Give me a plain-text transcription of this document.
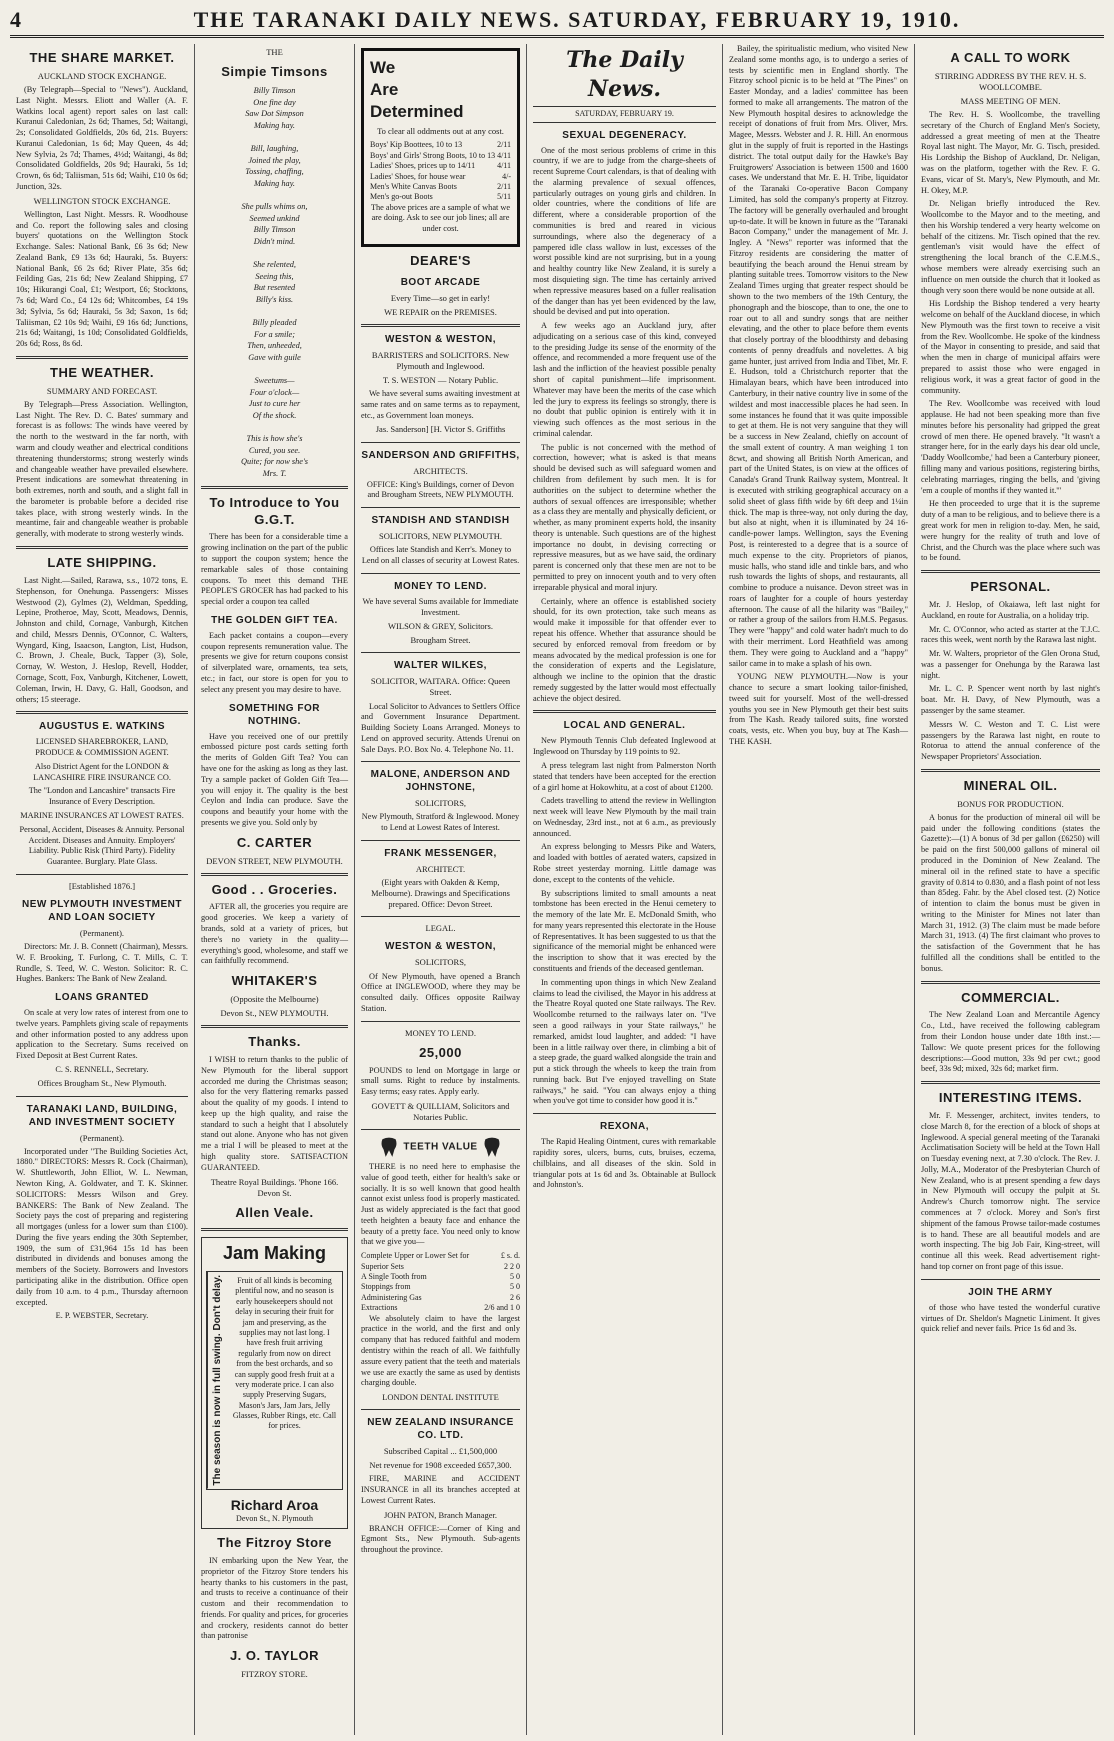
4	THE TARANAKI DAILY NEWS. SATURDAY, FEBRUARY 19, 1910.
THE SHARE MARKET.
AUCKLAND STOCK EXCHANGE.

(By Telegraph—Special to "News"). Auckland, Last Night. Messrs. Eliott and Waller (A. F. Watkins local agent) report sales on last call: Kuranui Caledonian, 2s 6d; Thames, 5d; Waitangi, 2s; Consolidated Goldfields, 20s 6d, 21s. Buyers: Kuranui Caledonian, 1s 6d; May Queen, 4s 4d; New Sylvia, 2s 7d; Thames, 4½d; Waitangi, 4s 8d; Consolidated Goldfields, 20s 9d; Hauraki, 5s 1d; Crown, 6s 6d; Taliisman, 51s 6d; Waihi, £10 0s 6d; Junction, 32s.

WELLINGTON STOCK EXCHANGE.

Wellington, Last Night. Messrs. R. Woodhouse and Co. report the following sales and closing buyers' quotations on the Wellington Stock Exchange. Sales: National Bank, £6 3s 6d; New Zealand Bank, £9 13s 6d; Hauraki, 5s. Buyers: National Bank, £6 2s 6d; River Plate, 35s 6d; Feilding Gas, 21s 6d; New Zealand Shipping, £7 10s; Hikurangi Coal, £1; Westport, £6; Stocktons, 7s 6d; Ward Co., £4 12s 6d; Whitcombes, £4 19s 3d; Sylvia, 5s 6d; Hauraki, 5s 3d; Saxon, 1s 6d; Taliisman, £2 10s 9d; Waihi, £9 16s 6d; Junctions, 21s 6d; Waitangi, 1s 10d; Consolidated Goldfields, 20s 6d; Ross, 8s 6d.

THE WEATHER.
SUMMARY AND FORECAST.

By Telegraph—Press Association. Wellington, Last Night. The Rev. D. C. Bates' summary and forecast is as follows: The winds have veered by the north to the westward in the far north, with warm and cloudy weather and electrical conditions threatening thunderstorms; strong westerly winds and changeable weather have prevailed elsewhere. Present indications are somewhat threatening in both extremes, north and south, and a slight fall in the barometer is probable before a decided rise takes place, with strong westerly winds. In the meantime, fair and changeable weather is probable generally, with moderate to strong westerly winds.

LATE SHIPPING.

Last Night.—Sailed, Rarawa, s.s., 1072 tons, E. Stephenson, for Onehunga. Passengers: Misses Westwood (2), Gylmes (2), Weldman, Spedding, Lepine, Protheroe, May, Scott, Meadows, Dennis, Johnston and child, Cornage, Vanburgh, Kitchen and child, Messrs Dennis, O'Connor, C. Walters, Wyngard, King, Isaacson, Langton, List, Hudson, C. Brown, J. Cheale, Buck, Tapper (3), Sole, Cornay, W. Weston, J. Heslop, Revell, Hodder, Cornage, Scott, Fox, Vanburgh, Kitchener, Lowett, Coleman, Irwin, H. Davy, G. Hall, Goodson, and others; 15 steerage.

AUGUSTUS E. WATKINS

LICENSED SHAREBROKER, LAND, PRODUCE & COMMISSION AGENT.

Also District Agent for the LONDON & LANCASHIRE FIRE INSURANCE CO.

The "London and Lancashire" transacts Fire Insurance of Every Description.

MARINE INSURANCES AT LOWEST RATES.

Personal, Accident, Diseases & Annuity. Personal Accident. Diseases and Annuity. Employers' Liability. Public Risk (Third Party). Fidelity Guarantee. Burglary. Plate Glass.

[Established 1876.]
NEW PLYMOUTH INVESTMENT AND LOAN SOCIETY
(Permanent).

Directors: Mr. J. B. Connett (Chairman), Messrs. W. F. Brooking, T. Furlong, C. T. Mills, C. T. Rundle, S. Teed, W. C. Weston. Solicitor: R. C. Hughes. Bankers: The Bank of New Zealand.

LOANS GRANTED

On scale at very low rates of interest from one to twelve years. Pamphlets giving scale of repayments and other information posted to any address upon application to the Secretary. Sums received on Fixed Deposit at Best Current Rates.

C. S. RENNELL, Secretary.

Offices Brougham St., New Plymouth.

TARANAKI LAND, BUILDING, AND INVESTMENT SOCIETY
(Permanent).

Incorporated under "The Building Societies Act, 1880." DIRECTORS: Messrs R. Cock (Chairman), W. Shuttleworth, John Elliot, W. L. Newman, Newton King, A. Goldwater, and T. K. Skinner. SOLICITORS: Messrs Wilson and Grey. BANKERS: The Bank of New Zealand. The Society pays the cost of preparing and registering all mortgages (unless for a lower sum than £100). During the five years ending the 30th September, 1909, the sum of £31,964 15s 1d has been distributed in dividends and bonuses among the members of the Society. Borrowers and Investors participating alike in the distribution. Office open daily from 10 a.m. to 4 p.m., Thursday afternoon excepted.

E. P. WEBSTER, Secretary.

THE
Simpie Timsons
Billy Timson
One fine day
Saw Dot Simpson
Making hay.

Bill, laughing,
Joined the play,
Tossing, chaffing,
Making hay.

She pulls whims on,
Seemed unkind
Billy Timson
Didn't mind.

She relented,
Seeing this,
But resented
Billy's kiss.

Billy pleaded
For a smile;
Then, unheeded,
Gave with guile

Sweetums—
Four o'clock—
Just to cure her
Of the shock.

This is how she's
Cured, you see.
Quite; for now she's
Mrs. T.
To Introduce to You G.G.T.

There has been for a considerable time a growing inclination on the part of the public to support the coupon system; hence the remarkable sales of those containing coupons. To meet this demand THE PEOPLE'S GROCER has had packed to his special order a coupon tea called

THE GOLDEN GIFT TEA.

Each packet contains a coupon—every coupon represents remuneration value. The presents we give for return coupons consist of silverplated ware, ornaments, tea sets, etc.; in fact, our store is open for you to select any present you may desire to have.

SOMETHING FOR NOTHING.

Have you received one of our prettily embossed picture post cards setting forth the merits of Golden Gift Tea? You can have one for the asking as long as they last. Try a sample packet of Golden Gift Tea—you will enjoy it. The quality is the best Ceylon and India can produce. Save the coupons and beautify your home with the presents we give you. Sold only by

C. CARTER
DEVON STREET, NEW PLYMOUTH.
Good . . Groceries.

AFTER all, the groceries you require are good groceries. We keep a variety of brands, sold at a variety of prices, but there's no variety in the quality—everything's good, wholesome, and staff we can faithfully recommend.

WHITAKER'S
(Opposite the Melbourne)
Devon St., NEW PLYMOUTH.
Thanks.

I WISH to return thanks to the public of New Plymouth for the liberal support accorded me during the Christmas season; also for the very flattering remarks passed about the quality of my goods. I intend to keep up the high quality, and raise the standard to such a height that I absolutely stand out alone. Anyone who has not given me a trial I will be pleased to meet at the high quality store. SATISFACTION GUARANTEED.

Theatre Royal Buildings. 'Phone 166. Devon St.
Allen Veale.
Jam Making
The season is now in full swing. Don't delay.	Fruit of all kinds is becoming plentiful now, and no season is early housekeepers should not delay in securing their fruit for jam and preserving, as the supplies may not last long. I have fresh fruit arriving regularly from now on direct from the best orchards, and so can supply good fresh fruit at a very moderate price. I can also supply Preserving Sugars, Mason's Jars, Jam Jars, Jelly Glasses, Rubber Rings, etc. Call for prices.
Richard Aroa
Devon St., N. Plymouth
The Fitzroy Store

IN embarking upon the New Year, the proprietor of the Fitzroy Store tenders his hearty thanks to his customers in the past, and trusts to receive a continuance of their custom and their recommendation to friends. For quality and prices, for groceries and crockery, residents cannot do better than patronise

J. O. TAYLOR
FITZROY STORE.
We
Are
Determined
To clear all oddments out at any cost.
Boys' Kip Boottees, 10 to 13	2/11
Boys' and Girls' Strong Boots, 10 to 13 4/11
Ladies' Shoes, prices up to 14/11	4/11
Ladies' Shoes, for house wear	4/-
Men's White Canvas Boots	2/11
Men's go-out Boots	5/11

The above prices are a sample of what we are doing. Ask to see our job lines; all are under cost.

DEARE'S
BOOT ARCADE
Every Time—so get in early!
WE REPAIR on the PREMISES.
WESTON & WESTON,
BARRISTERS and SOLICITORS. New Plymouth and Inglewood.
T. S. WESTON — Notary Public.

We have several sums awaiting investment at same rates and on same terms as to repayment, etc., as Government loan moneys.

Jas. Sanderson] [H. Victor S. Griffiths
SANDERSON AND GRIFFITHS,
ARCHITECTS.

OFFICE: King's Buildings, corner of Devon and Brougham Streets, NEW PLYMOUTH.

STANDISH AND STANDISH
SOLICITORS, NEW PLYMOUTH.

Offices late Standish and Kerr's. Money to Lend on all classes of security at Lowest Rates.

MONEY TO LEND.

We have several Sums available for Immediate Investment.

WILSON & GREY, Solicitors.
Brougham Street.
WALTER WILKES,
SOLICITOR, WAITARA. Office: Queen Street.

Local Solicitor to Advances to Settlers Office and Government Insurance Department. Building Society Loans Arranged. Moneys to Lend on approved security. Attends Urenui on Sale Days. P.O. Box No. 4. Telephone No. 11.

MALONE, ANDERSON AND JOHNSTONE,
SOLICITORS,

New Plymouth, Stratford & Inglewood. Money to Lend at Lowest Rates of Interest.

FRANK MESSENGER,
ARCHITECT.

(Eight years with Oakden & Kemp, Melbourne). Drawings and Specifications prepared. Office: Devon Street.

LEGAL.
WESTON & WESTON,
SOLICITORS,

Of New Plymouth, have opened a Branch Office at INGLEWOOD, where they may be consulted daily. Offices opposite Railway Station.

MONEY TO LEND.
25,000

POUNDS to lend on Mortgage in large or small sums. Right to reduce by instalments. Easy terms; easy rates. Apply early.

GOVETT & QUILLIAM, Solicitors and Notaries Public.
TEETH VALUE

THERE is no need here to emphasise the value of good teeth, either for health's sake or socially. It is so well known that good health cannot exist unless food is properly masticated. Just as widely appreciated is the fact that good teeth heighten a beauty face and enhance the beauty of a pretty face. You need only to know that we give you—

Complete Upper or Lower Set for	£ s. d.
Superior Sets	2 2 0
A Single Tooth from	5 0
Stoppings from	5 0
Administering Gas	2 6
Extractions	2/6 and 1 0

We absolutely claim to have the largest practice in the world, and the first and only company that has reduced faithful and modern dentistry within the reach of all. We faithfully assure every patient that the teeth and materials we use are exactly the same as used by dentists charging double.

LONDON DENTAL INSTITUTE
NEW ZEALAND INSURANCE CO. LTD.
Subscribed Capital ... £1,500,000
Net revenue for 1908 exceeded £657,300.

FIRE, MARINE and ACCIDENT INSURANCE in all its branches accepted at Lowest Current Rates.

JOHN PATON, Branch Manager.

BRANCH OFFICE:—Corner of King and Egmont Sts., New Plymouth. Sub-agents throughout the province.

The Daily News.
SATURDAY, FEBRUARY 19.
SEXUAL DEGENERACY.

One of the most serious problems of crime in this country, if we are to judge from the charge-sheets of recent Supreme Court calendars, is that of dealing with the alarming prevalence of sexual offences, particularly outrages on young girls and children. In older countries, where the conditions of life are different, where a considerable proportion of the communities is bred and reared in vicious surroundings, where also the degeneracy of a pampered idle class wallow in lust, excesses of the worst possible kind are not surprising, but in a young and healthy country like New Zealand, it is surely a most disquieting sign. The time has certainly arrived when repressive measures based on a fuller realisation of the danger than has yet been evidenced by the law, should be devised and put into operation.

A few weeks ago an Auckland jury, after adjudicating on a serious case of this kind, conveyed to the presiding Judge its sense of the enormity of the offence, and recommended a more frequent use of the lash and the infliction of the heaviest possible penalty short of capital punishment—life imprisonment. Whatever may have been the merits of the case which led the jury to express its feelings so strongly, there is no doubt that public opinion is entirely with it in viewing such offences as the most serious in the criminal calendar.

The public is not concerned with the method of correction, however; what is asked is that means should be devised such as will safeguard women and children from defilement by such men. It is for authorities on the subject to determine whether the authors of sexual offences are irresponsible; whether as a class they are mentally and physically deficient, or whether, as many prominent experts hold, the insanity theory is untenable. Such questions are of the highest importance no doubt, in devising correcting or repressive measures, but as we have said, the ordinary parent is concerned only that these men are not to be permitted to prey on innocent youth and to very often irreparable physical and moral injury.

Certainly, where an offence is established society should, for its own protection, take such means as would make it impossible for that offender ever to repeat his offence. Whether that assurance should be secured by enforced removal from freedom or by means advocated by the medical profession is one for the consideration of experts and the Legislature, although we incline to the opinion that the drastic remedy suggested by the latter would most effectually achieve the object desired.

LOCAL AND GENERAL.

New Plymouth Tennis Club defeated Inglewood at Inglewood on Thursday by 119 points to 92.

A press telegram last night from Palmerston North stated that tenders have been accepted for the erection of a girl home at Hokowhitu, at a cost of about £1200.

Cadets travelling to attend the review in Wellington next week will leave New Plymouth by the mail train on Wednesday, 23rd inst., not at 6 a.m., as previously announced.

An express belonging to Messrs Pike and Waters, and loaded with bottles of aerated waters, capsized in Robe street yesterday morning. Little damage was done, except to the contents of the vehicle.

By subscriptions limited to small amounts a neat tombstone has been erected in the Henui cemetery to the memory of the late Mr. E. McDonald Smith, who for many years represented this electorate in the House of Representatives. It has been suggested to us that the significance of the memorial might be enhanced were the inscription to show that it was erected by the constituents and friends of the deceased gentleman.

In commenting upon things in which New Zealand claims to lead the civilised, the Mayor in his address at the Theatre Royal quoted one State railways. The Rev. Woollcombe returned to the railways later on. "I've seen a good railways in your State railways," he remarked, amidst loud laughter, and added: "I have been in a little railway over there, in climbing a bit of a steep grade, the guard walked alongside the train and put a stick through the wheels to keep the train from running back. But I've enjoyed travelling on State railways," he said. "You can always enjoy a thing when you've got time to consider how good it is."

REXONA,

The Rapid Healing Ointment, cures with remarkable rapidity sores, ulcers, burns, cuts, bruises, eczema, chilblains, and all diseases of the skin. Sold in triangular pots at 1s 6d and 3s. Obtainable at Bullock and Johnston's.

Bailey, the spiritualistic medium, who visited New Zealand some months ago, is to undergo a series of tests by scientific men in England shortly. The Fitzroy school picnic is to be held at "The Pines" on Easter Monday, and a ladies' committee has been formed to make all arrangements. The matron of the New Plymouth hospital desires to acknowledge the receipt of donations of fruit from Mrs. Oliver, Mrs. Magee, Messrs. Webster and J. R. Hill. An enormous glut in the supply of fruit is reported in the Hastings district. The total output daily for the Hawke's Bay Fruitgrowers' Association is between 1500 and 1600 cases. We understand that Mr. E. H. Tribe, liquidator of the Taranaki Co-operative Bacon Company Limited, has sold the company's property at Fitzroy. The factory will be generally overhauled and brought up-to-date. It will be known in future as the "Taranaki Bacon Company," under the management of Mr. J. Ingley. A "News" reporter was informed that the Fitzroy residents are considering the matter of beautifying the beach around the Henui stream by planting suitable trees. Tomorrow visitors to the New Zealand Times urging that greater respect should be shown to the two members of the 19th Century, the phonograph and the bioscope, than to one, the one to roar out to all and sundry songs that are neither elevating, and the other to place before them events that closely portray of the bloodthirsty and debasing contents of penny dreadfuls and novelettes. A big game hunter, just arrived from India and Tibet, Mr. F. E. Hudson, told a Christchurch reporter that the Himalayan bears, which have been introduced into Canterbury, in their native country live in some of the wildest and most inaccessible places he had seen. In some instances he found that it was quite impossible to get at them. He is not very sanguine that they will be a success in New Zealand, chiefly on account of the small extent of country. A man weighing 1 ton 8cwt, and showing all British North American, and part of the United States, is on view at the offices of Canada's Grand Trunk Railway system, Montreal. It is executed with striking geographical accuracy on a solid sheet of glass fifth wide by 6ft deep and 1¼in thick. The map is three-way, not only during the day, but also at night, when it is illuminated by 24 16-candle-power lamps. Wellington, says the Evening Post, is reinterested to a degree that is a source of much expense to the city. Proprietors of pianos, music halls, who stand idle and tinkle bars, and who rush towards the lights of shops, and restaurants, all combine to produce a nuisance. Devon street was in roars of laughter for a couple of hours yesterday afternoon. The cause of all the hilarity was "Bailey," or rather a group of the sailors from H.M.S. Pegasus. They were "happy" and cold water hadn't much to do with their merriment. Lord Heathfield was among them. They were going to Auckland and a "happy" sailor came in to make a splash of his own.

YOUNG NEW PLYMOUTH.—Now is your chance to secure a smart looking tailor-finished, tweed suit for yourself. Most of the well-dressed youths you see in New Plymouth get their best suits from The Kash. Ready tailored suits, fine worsted coats, vests, etc. When you buy, buy at The Kash—THE KASH.

A CALL TO WORK
STIRRING ADDRESS BY THE REV. H. S. WOOLLCOMBE.
MASS MEETING OF MEN.

The Rev. H. S. Woollcombe, the travelling secretary of the Church of England Men's Society, addressed a great meeting of men at the Theatre Royal last night. The Mayor, Mr. G. Tisch, presided. His Lordship the Bishop of Auckland, Dr. Neligan, was on the platform, together with the Rev. F. G. Evans, vicar of St. Mary's, New Plymouth, and Mr. H. Okey, M.P.

Dr. Neligan briefly introduced the Rev. Woollcombe to the Mayor and to the meeting, and then his Worship tendered a very hearty welcome on behalf of the citizens. Mr. Tisch opined that the rev. gentleman's visit would have the effect of strengthening the local branch of the C.E.M.S., whose members were already exercising such an influence on men outside the church that it looked as though very soon there would be none outside at all.

His Lordship the Bishop tendered a very hearty welcome on behalf of the Auckland diocese, in which New Plymouth was the first town to receive a visit from the Rev. Woollcombe. He spoke of the kindness of the Mayor in consenting to preside, and said that when the men in charge of municipal affairs were prepared to assist those who were engaged in religious work, it was a great factor of good in the community.

The Rev. Woollcombe was received with loud applause. He had not been speaking more than five minutes before his personality had gripped the great crowd of men there. He opened bravely. "It wasn't a stranger here, for in the early days his dear old uncle, 'Daddy Woollcombe,' had been a Canterbury pioneer, filling many and various positions, registering births, celebrating marriages, ringing the bells, and 'giving 'em a couple of months if they wanted it.'"

He then proceeded to urge that it is the supreme duty of a man to be religious, and to believe there is a great work for men in religion to-day. Men, he said, were hungry for the reality of truth and love of Christ, and the Church was the place where such was to be found.

PERSONAL.

Mr. J. Heslop, of Okaiawa, left last night for Auckland, en route for Australia, on a holiday trip.

Mr. C. O'Connor, who acted as starter at the T.J.C. races this week, went north by the Rarawa last night.

Mr. W. Walters, proprietor of the Glen Orona Stud, was a passenger for Onehunga by the Rarawa last night.

Mr. L. C. P. Spencer went north by last night's boat. Mr. H. Davy, of New Plymouth, was a passenger by the same steamer.

Messrs W. C. Weston and T. C. List were passengers by the Rarawa last night, en route to Rotorua to attend the annual conference of the Newspaper Proprietors' Association.

MINERAL OIL.
BONUS FOR PRODUCTION.

A bonus for the production of mineral oil will be paid under the following conditions (states the Gazette):—(1) A bonus of 3d per gallon (£6250) will be paid on the first 500,000 gallons of mineral oil produced in the Dominion of New Zealand. The mineral oil in the refined state to have a specific gravity of 0.814 to 0.830, and a flash point of not less than 85deg. Fahr. by the Abel closed test. (2) Notice of intention to claim the bonus must be given in writing to the Minister for Mines not later than March 31, 1912. (3) The claim must be made before March 31, 1913. (4) The first claimant who proves to the satisfaction of the Government that he has fulfilled all the conditions shall be entitled to the bonus.

COMMERCIAL.

The New Zealand Loan and Mercantile Agency Co., Ltd., have received the following cablegram from their London house under date 18th inst.:—Tallow: We quote present prices for the following descriptions:—Good mutton, 33s 9d per cwt.; good beef, 33s 9d; mixed, 32s 6d; market firm.

INTERESTING ITEMS.

Mr. F. Messenger, architect, invites tenders, to close March 8, for the erection of a block of shops at Inglewood. A special general meeting of the Taranaki Acclimatisation Society will be held at the Town Hall on Tuesday evening next, at 7.30 o'clock. The Rev. J. Jolly, M.A., Moderator of the Presbyterian Church of New Zealand, who is at present spending a few days in New Plymouth will occupy the pulpit at St. Andrew's Church tomorrow night. The service commences at 7 o'clock. Morey and Son's first shipment of the famous Prowse tailor-made costumes is to hand. These are all beautiful models and are worth inspecting. The big Job Fair, King-street, will continue all this week. Read advertisement right-hand top corner on front page of this issue.

JOIN THE ARMY

of those who have tested the wonderful curative virtues of Dr. Sheldon's Magnetic Liniment. It gives quick relief and never fails. Price 1s 6d and 3s.
